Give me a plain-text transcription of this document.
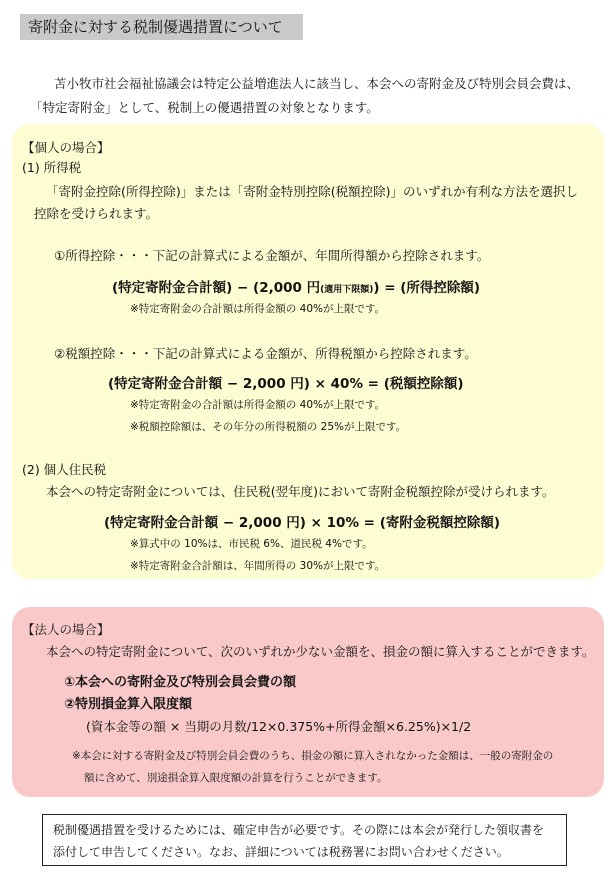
寄附金に対する税制優遇措置について
苫小牧市社会福祉協議会は特定公益増進法人に該当し、本会への寄附金及び特別会員会費は、
「特定寄附金」として、税制上の優遇措置の対象となります。
【個人の場合】
(1) 所得税
「寄附金控除(所得控除)」または「寄附金特別控除(税額控除)」のいずれか有利な方法を選択し
控除を受けられます。
①所得控除・・・下記の計算式による金額が、年間所得額から控除されます。
(特定寄附金合計額) − (2,000 円(適用下限額)) = (所得控除額)
※特定寄附金の合計額は所得金額の 40%が上限です。
②税額控除・・・下記の計算式による金額が、所得税額から控除されます。
(特定寄附金合計額 − 2,000 円) × 40% = (税額控除額)
※特定寄附金の合計額は所得金額の 40%が上限です。
※税額控除額は、その年分の所得税額の 25%が上限です。
(2) 個人住民税
本会への特定寄附金については、住民税(翌年度)において寄附金税額控除が受けられます。
(特定寄附金合計額 − 2,000 円) × 10% = (寄附金税額控除額)
※算式中の 10%は、市民税 6%、道民税 4%です。
※特定寄附金合計額は、年間所得の 30%が上限です。
【法人の場合】
本会への特定寄附金について、次のいずれか少ない金額を、損金の額に算入することができます。
①本会への寄附金及び特別会員会費の額
②特別損金算入限度額
(資本金等の額 × 当期の月数/12×0.375%+所得金額×6.25%)×1/2
※本会に対する寄附金及び特別会員会費のうち、損金の額に算入されなかった金額は、一般の寄附金の
額に含めて、別途損金算入限度額の計算を行うことができます。
税制優遇措置を受けるためには、確定申告が必要です。その際には本会が発行した領収書を
添付して申告してください。なお、詳細については税務署にお問い合わせください。
